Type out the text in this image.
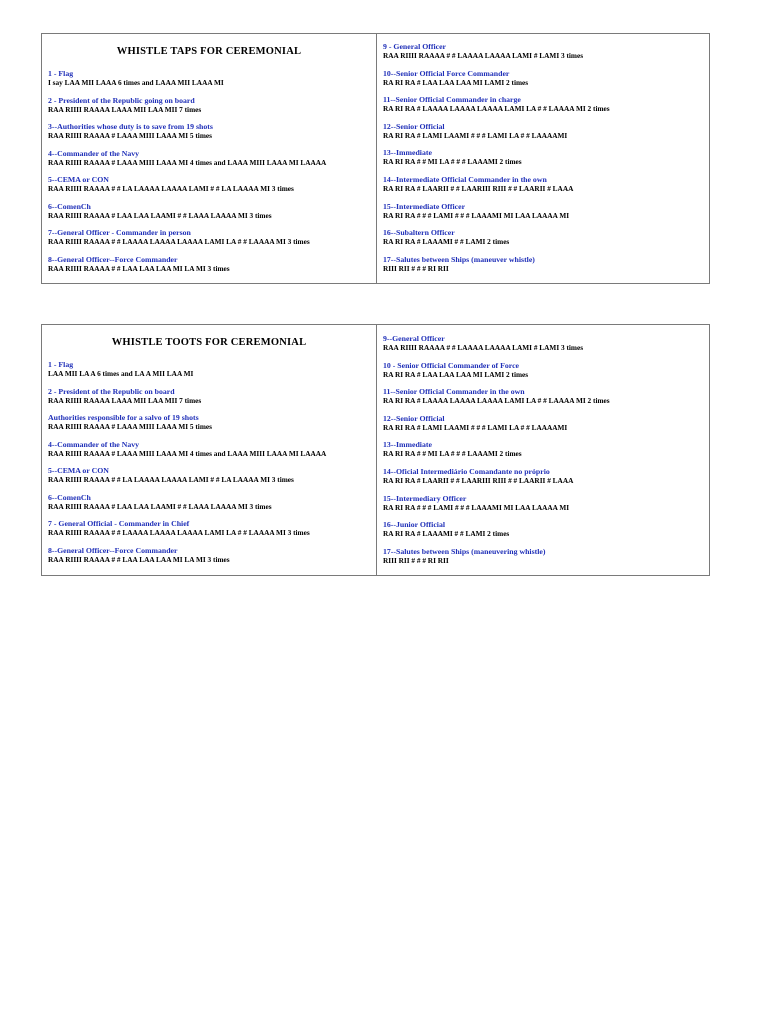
WHISTLE TAPS FOR CEREMONIAL
1 - Flag
I say LAA MII LAAA 6 times and LAAA MII LAAA MI
2 - President of the Republic going on board
RAA RIIII RAAAA LAAA MII LAA MII 7 times
3--Authorities whose duty is to save from 19 shots
RAA RIIII RAAAA # LAAA MIII LAAA MI 5 times
4--Commander of the Navy
RAA RIIII RAAAA # LAAA MIII LAAA MI 4 times and LAAA MIII LAAA MI LAAAA
5--CEMA or CON
RAA RIIII RAAAA # # LA LAAAA LAAAA LAMI # # LA LAAAA MI 3 times
6--ComenCh
RAA RIIII RAAAA # LAA LAA LAAMI # # LAAA LAAAA MI 3 times
7--General Officer - Commander in person
RAA RIIII RAAAA # # LAAAA LAAAA LAAAA LAMI LA # # LAAAA MI 3 times
8--General Officer--Force Commander
RAA RIIII RAAAA # # LAA LAA LAA MI LA MI 3 times
9 - General Officer
RAA RIIII RAAAA # # LAAAA LAAAA LAMI # LAMI 3 times
10--Senior Official Force Commander
RA RI RA # LAA LAA LAA MI LAMI 2 times
11--Senior Official Commander in charge
RA RI RA # LAAAA LAAAA LAAAA LAMI LA # # LAAAA MI 2 times
12--Senior Official
RA RI RA # LAMI LAAMI # # # LAMI LA # # LAAAAMI
13--Immediate
RA RI RA # # MI LA # # # LAAAMI 2 times
14--Intermediate Official Commander in the own
RA RI RA # LAARII # # LAARIII RIII # # LAARII # LAAA
15--Intermediate Officer
RA RI RA # # # LAMI # # # LAAAMI MI LAA LAAAA MI
16--Subaltern Officer
RA RI RA # LAAAMI # # LAMI 2 times
17--Salutes between Ships (maneuver whistle)
RIII RII # # # RI RII
WHISTLE TOOTS FOR CEREMONIAL
1 - Flag
LAA MII LA A 6 times and LA A MII LAA MI
2 - President of the Republic on board
RAA RIIII RAAAA LAAA MII LAA MII 7 times
Authorities responsible for a salvo of 19 shots
RAA RIIII RAAAA # LAAA MIII LAAA MI 5 times
4--Commander of the Navy
RAA RIIII RAAAA # LAAA MIII LAAA MI 4 times and LAAA MIII LAAA MI LAAAA
5--CEMA or CON
RAA RIIII RAAAA # # LA LAAAA LAAAA LAMI # # LA LAAAA MI 3 times
6--ComenCh
RAA RIIII RAAAA # LAA LAA LAAMI # # LAAA LAAAA MI 3 times
7 - General Official - Commander in Chief
RAA RIIII RAAAA # # LAAAA LAAAA LAAAA LAMI LA # # LAAAA MI 3 times
8--General Officer--Force Commander
RAA RIIII RAAAA # # LAA LAA LAA MI LA MI 3 times
9--General Officer
RAA RIIII RAAAA # # LAAAA LAAAA LAMI # LAMI 3 times
10 - Senior Official Commander of Force
RA RI RA # LAA LAA LAA MI LAMI 2 times
11--Senior Official Commander in the own
RA RI RA # LAAAA LAAAA LAAAA LAMI LA # # LAAAA MI 2 times
12--Senior Official
RA RI RA # LAMI LAAMI # # # LAMI LA # # LAAAAMI
13--Immediate
RA RI RA # # MI LA # # # LAAAMI 2 times
14--Oficial Intermediário Comandante no próprio
RA RI RA # LAARII # # LAARIII RIII # # LAARII # LAAA
15--Intermediary Officer
RA RI RA # # # LAMI # # # LAAAMI MI LAA LAAAA MI
16--Junior Official
RA RI RA # LAAAMI # # LAMI 2 times
17--Salutes between Ships (maneuvering whistle)
RIII RII # # # RI RII
